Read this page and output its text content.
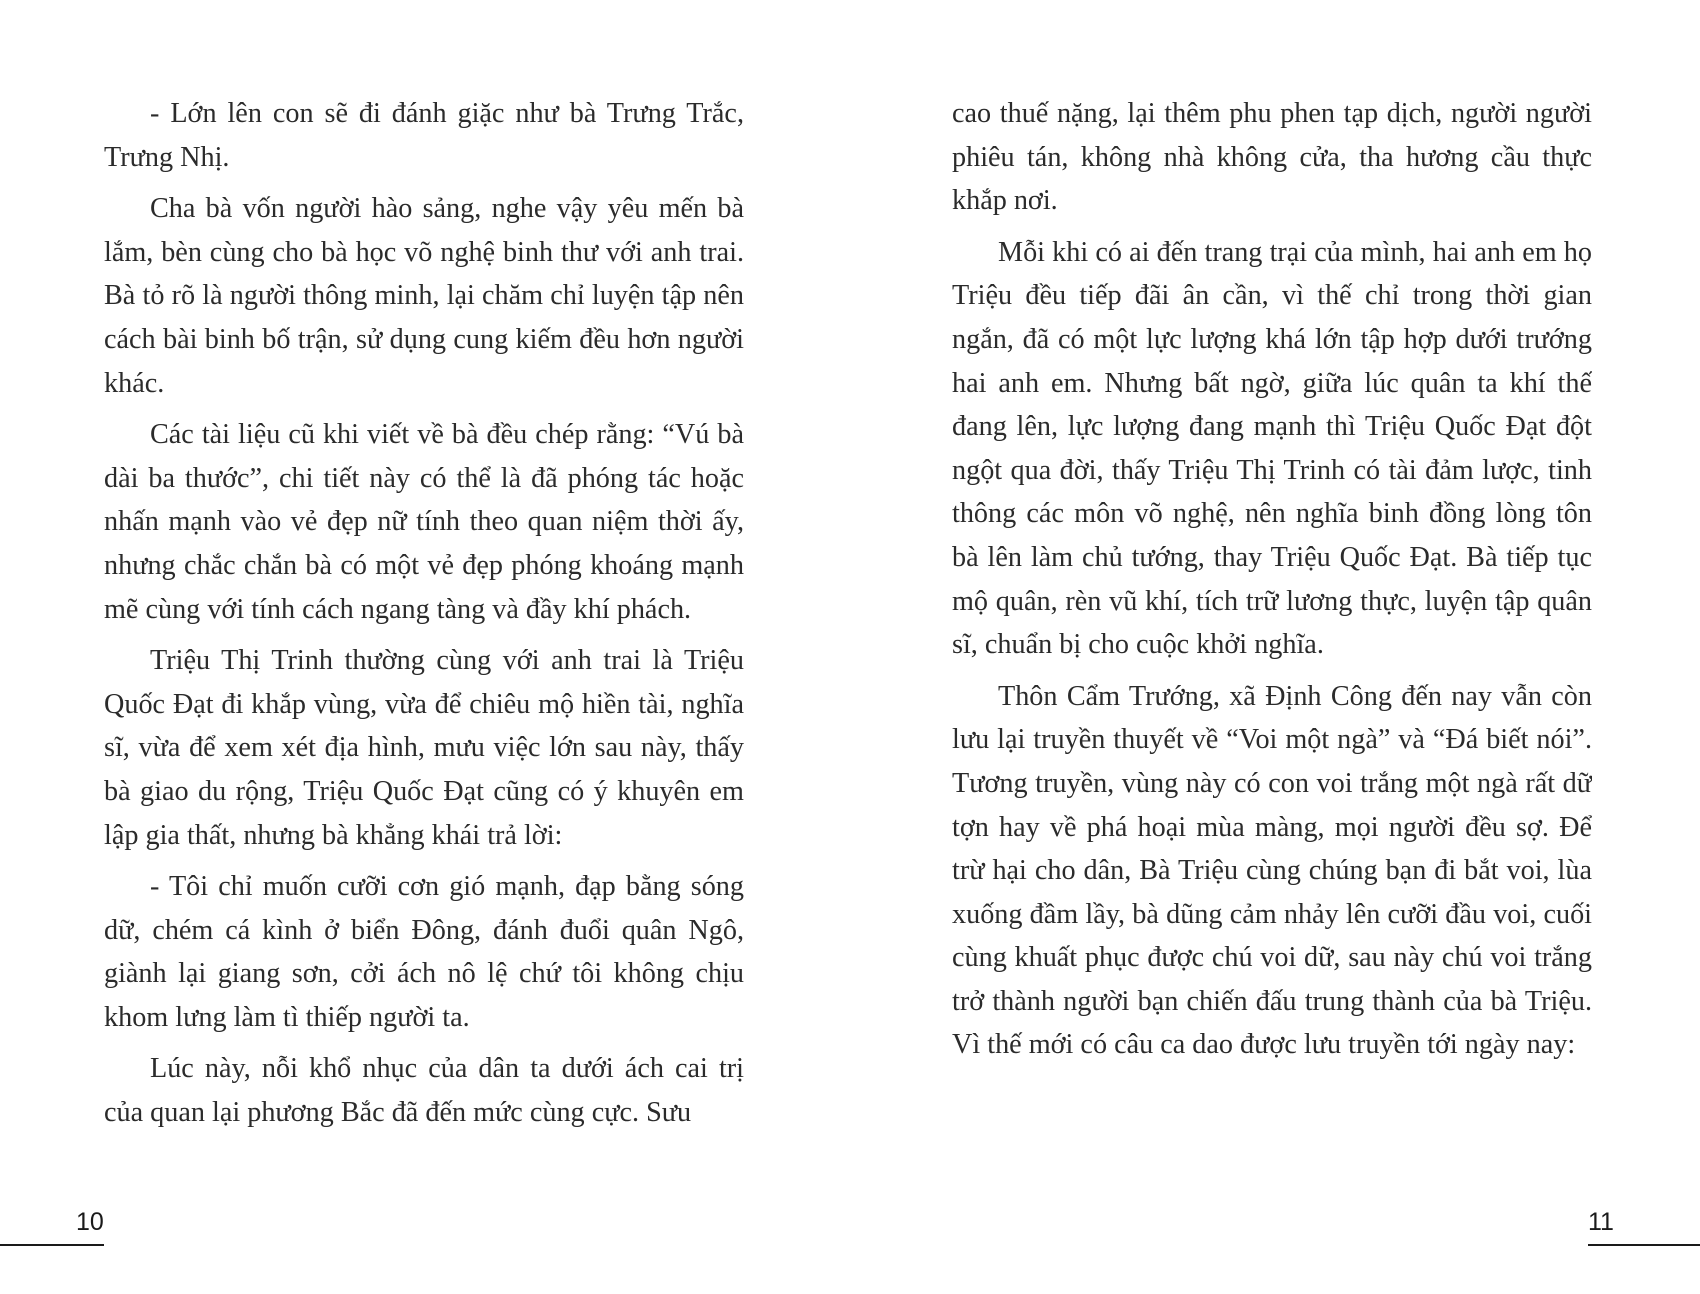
- Lớn lên con sẽ đi đánh giặc như bà Trưng Trắc, Trưng Nhị.

Cha bà vốn người hào sảng, nghe vậy yêu mến bà lắm, bèn cùng cho bà học võ nghệ binh thư với anh trai. Bà tỏ rõ là người thông minh, lại chăm chỉ luyện tập nên cách bài binh bố trận, sử dụng cung kiếm đều hơn người khác.

Các tài liệu cũ khi viết về bà đều chép rằng: “Vú bà dài ba thước”, chi tiết này có thể là đã phóng tác hoặc nhấn mạnh vào vẻ đẹp nữ tính theo quan niệm thời ấy, nhưng chắc chắn bà có một vẻ đẹp phóng khoáng mạnh mẽ cùng với tính cách ngang tàng và đầy khí phách.

Triệu Thị Trinh thường cùng với anh trai là Triệu Quốc Đạt đi khắp vùng, vừa để chiêu mộ hiền tài, nghĩa sĩ, vừa để xem xét địa hình, mưu việc lớn sau này, thấy bà giao du rộng, Triệu Quốc Đạt cũng có ý khuyên em lập gia thất, nhưng bà khẳng khái trả lời:

- Tôi chỉ muốn cưỡi cơn gió mạnh, đạp bằng sóng dữ, chém cá kình ở biển Đông, đánh đuổi quân Ngô, giành lại giang sơn, cởi ách nô lệ chứ tôi không chịu khom lưng làm tì thiếp người ta.

Lúc này, nỗi khổ nhục của dân ta dưới ách cai trị của quan lại phương Bắc đã đến mức cùng cực. Sưu

cao thuế nặng, lại thêm phu phen tạp dịch, người người phiêu tán, không nhà không cửa, tha hương cầu thực khắp nơi.

Mỗi khi có ai đến trang trại của mình, hai anh em họ Triệu đều tiếp đãi ân cần, vì thế chỉ trong thời gian ngắn, đã có một lực lượng khá lớn tập hợp dưới trướng hai anh em. Nhưng bất ngờ, giữa lúc quân ta khí thế đang lên, lực lượng đang mạnh thì Triệu Quốc Đạt đột ngột qua đời, thấy Triệu Thị Trinh có tài đảm lược, tinh thông các môn võ nghệ, nên nghĩa binh đồng lòng tôn bà lên làm chủ tướng, thay Triệu Quốc Đạt. Bà tiếp tục mộ quân, rèn vũ khí, tích trữ lương thực, luyện tập quân sĩ, chuẩn bị cho cuộc khởi nghĩa.

Thôn Cẩm Trướng, xã Định Công đến nay vẫn còn lưu lại truyền thuyết về “Voi một ngà” và “Đá biết nói”. Tương truyền, vùng này có con voi trắng một ngà rất dữ tợn hay về phá hoại mùa màng, mọi người đều sợ. Để trừ hại cho dân, Bà Triệu cùng chúng bạn đi bắt voi, lùa xuống đầm lầy, bà dũng cảm nhảy lên cưỡi đầu voi, cuối cùng khuất phục được chú voi dữ, sau này chú voi trắng trở thành người bạn chiến đấu trung thành của bà Triệu. Vì thế mới có câu ca dao được lưu truyền tới ngày nay:

10	11
